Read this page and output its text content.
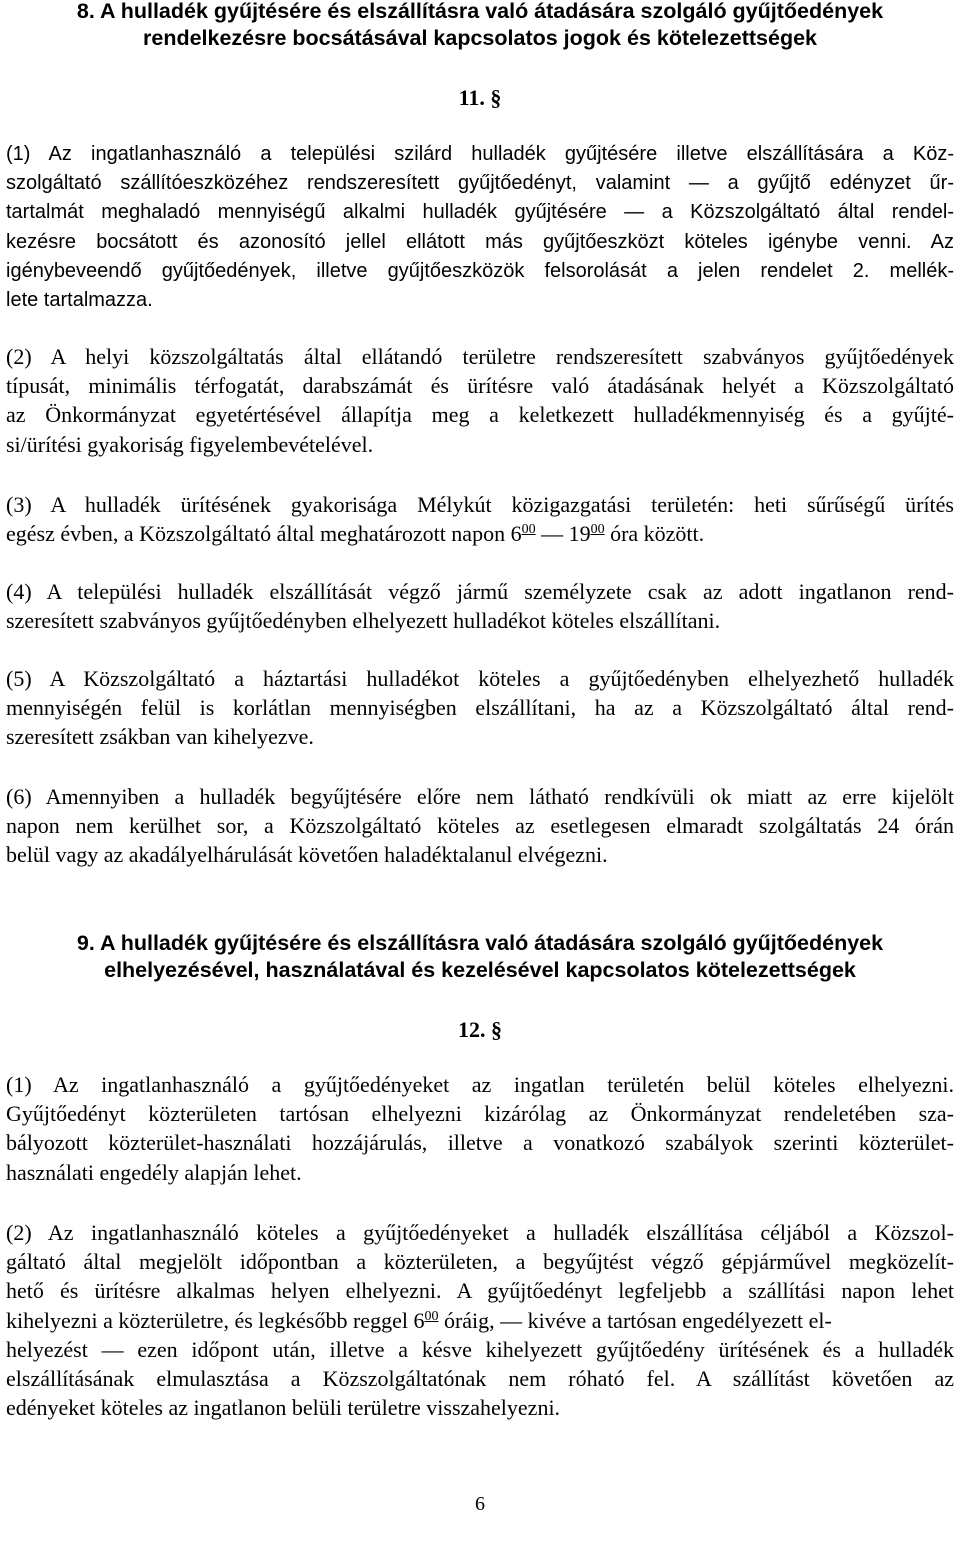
8. A hulladék gyűjtésére és elszállításra való átadására szolgáló gyűjtőedények
rendelkezésre bocsátásával kapcsolatos jogok és kötelezettségek
11. §
(1) Az ingatlanhasználó a települési szilárd hulladék gyűjtésére illetve elszállítására a Köz-
szolgáltató szállítóeszközéhez rendszeresített gyűjtőedényt, valamint — a gyűjtő edényzet űr-
tartalmát meghaladó mennyiségű alkalmi hulladék gyűjtésére — a Közszolgáltató által rendel-
kezésre bocsátott és azonosító jellel ellátott más gyűjtőeszközt köteles igénybe venni. Az
igénybeveendő gyűjtőedények, illetve gyűjtőeszközök felsorolását a jelen rendelet 2. mellék-
lete tartalmazza.
(2) A helyi közszolgáltatás által ellátandó területre rendszeresített szabványos gyűjtőedények
típusát, minimális térfogatát, darabszámát és ürítésre való átadásának helyét a Közszolgáltató
az Önkormányzat egyetértésével állapítja meg a keletkezett hulladékmennyiség és a gyűjté-
si/ürítési gyakoriság figyelembevételével.
(3) A hulladék ürítésének gyakorisága Mélykút közigazgatási területén: heti sűrűségű ürítés
egész évben, a Közszolgáltató által meghatározott napon $6^{00}$ — $19^{00}$ óra között.
(4) A települési hulladék elszállítását végző jármű személyzete csak az adott ingatlanon rend-
szeresített szabványos gyűjtőedényben elhelyezett hulladékot köteles elszállítani.
(5) A Közszolgáltató a háztartási hulladékot köteles a gyűjtőedényben elhelyezhető hulladék
mennyiségén felül is korlátlan mennyiségben elszállítani, ha az a Közszolgáltató által rend-
szeresített zsákban van kihelyezve.
(6) Amennyiben a hulladék begyűjtésére előre nem látható rendkívüli ok miatt az erre kijelölt
napon nem kerülhet sor, a Közszolgáltató köteles az esetlegesen elmaradt szolgáltatás 24 órán
belül vagy az akadályelhárulását követően haladéktalanul elvégezni.
9. A hulladék gyűjtésére és elszállításra való átadására szolgáló gyűjtőedények
elhelyezésével, használatával és kezelésével kapcsolatos kötelezettségek
12. §
(1) Az ingatlanhasználó a gyűjtőedényeket az ingatlan területén belül köteles elhelyezni.
Gyűjtőedényt közterületen tartósan elhelyezni kizárólag az Önkormányzat rendeletében sza-
bályozott közterület-használati hozzájárulás, illetve a vonatkozó szabályok szerinti közterület-
használati engedély alapján lehet.
(2) Az ingatlanhasználó köteles a gyűjtőedényeket a hulladék elszállítása céljából a Közszol-
gáltató által megjelölt időpontban a közterületen, a begyűjtést végző gépjárművel megközelít-
hető és ürítésre alkalmas helyen elhelyezni. A gyűjtőedényt legfeljebb a szállítási napon lehet
kihelyezni a közterületre, és legkésőbb reggel $6^{00}$ óráig, — kivéve a tartósan engedélyezett el-
helyezést — ezen időpont után, illetve a késve kihelyezett gyűjtőedény ürítésének és a hulladék
elszállításának elmulasztása a Közszolgáltatónak nem róható fel. A szállítást követően az
edényeket köteles az ingatlanon belüli területre visszahelyezni.
6
